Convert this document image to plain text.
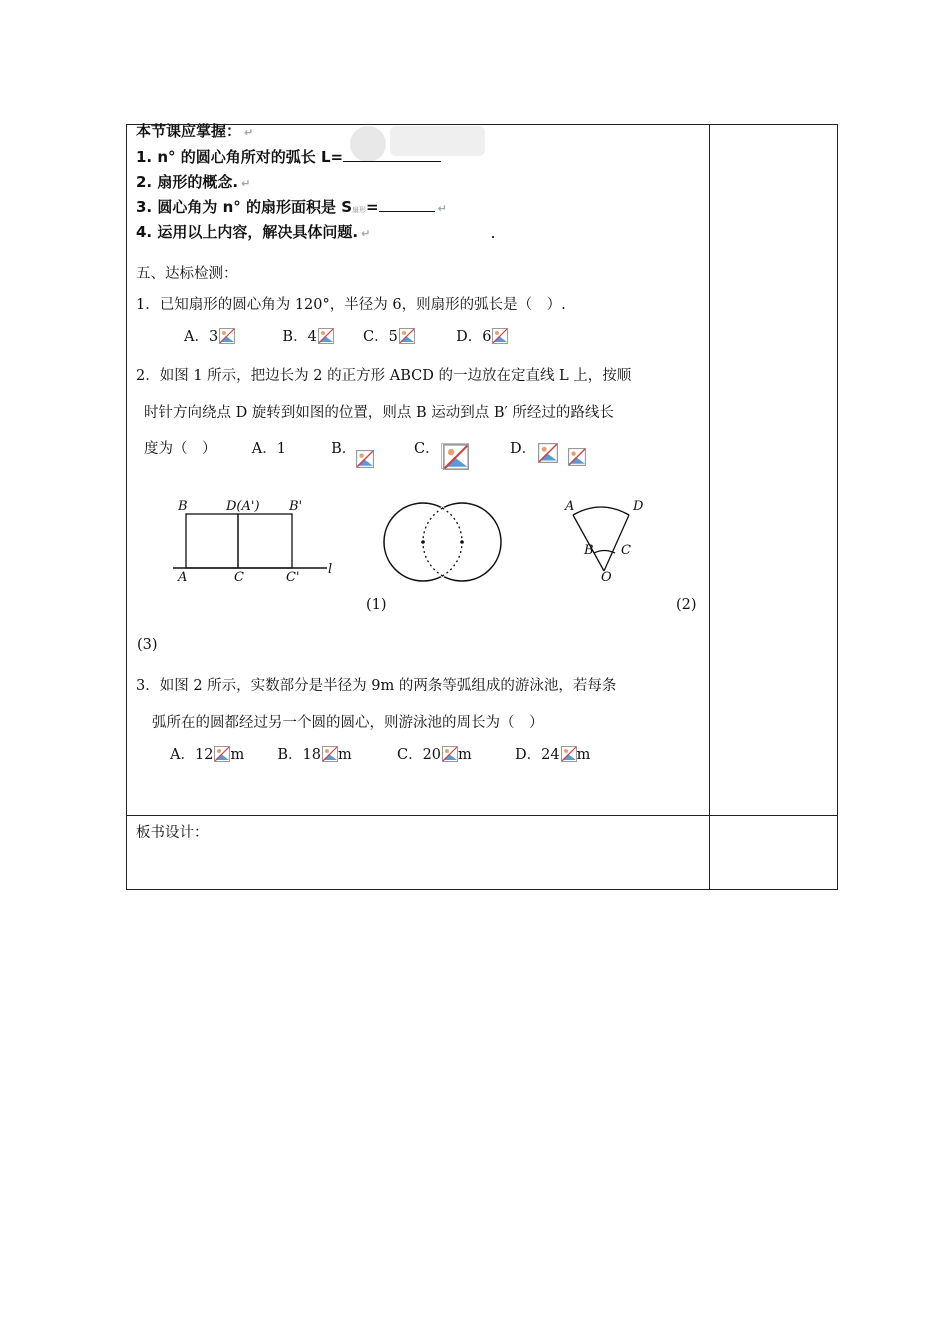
本节课应掌握： ↵
1. n° 的圆心角所对的弧长 L=
2. 扇形的概念. ↵
3. 圆心角为 n° 的扇形面积是 S扇形=	↵
4. 运用以上内容，解决具体问题. ↵
五、达标检测：
1．已知扇形的圆心角为 120°，半径为 6，则扇形的弧长是（　）.
A．3	B．4	C．5	D．6
2．如图 1 所示，把边长为 2 的正方形 ABCD 的一边放在定直线 L 上，按顺
时针方向绕点 D 旋转到如图的位置，则点 B 运动到点 B′ 所经过的路线长
度为（　） A．1	B．	C．	D．
B	D(A') B'
A	C	C'
l
A	D
B C
O
(1)	(2)
(3)
3．如图 2 所示，实数部分是半径为 9m 的两条等弧组成的游泳池，若每条
弧所在的圆都经过另一个圆的圆心，则游泳池的周长为（　）
A．12 m B．18 m	C．20 m	D．24 m
板书设计：
